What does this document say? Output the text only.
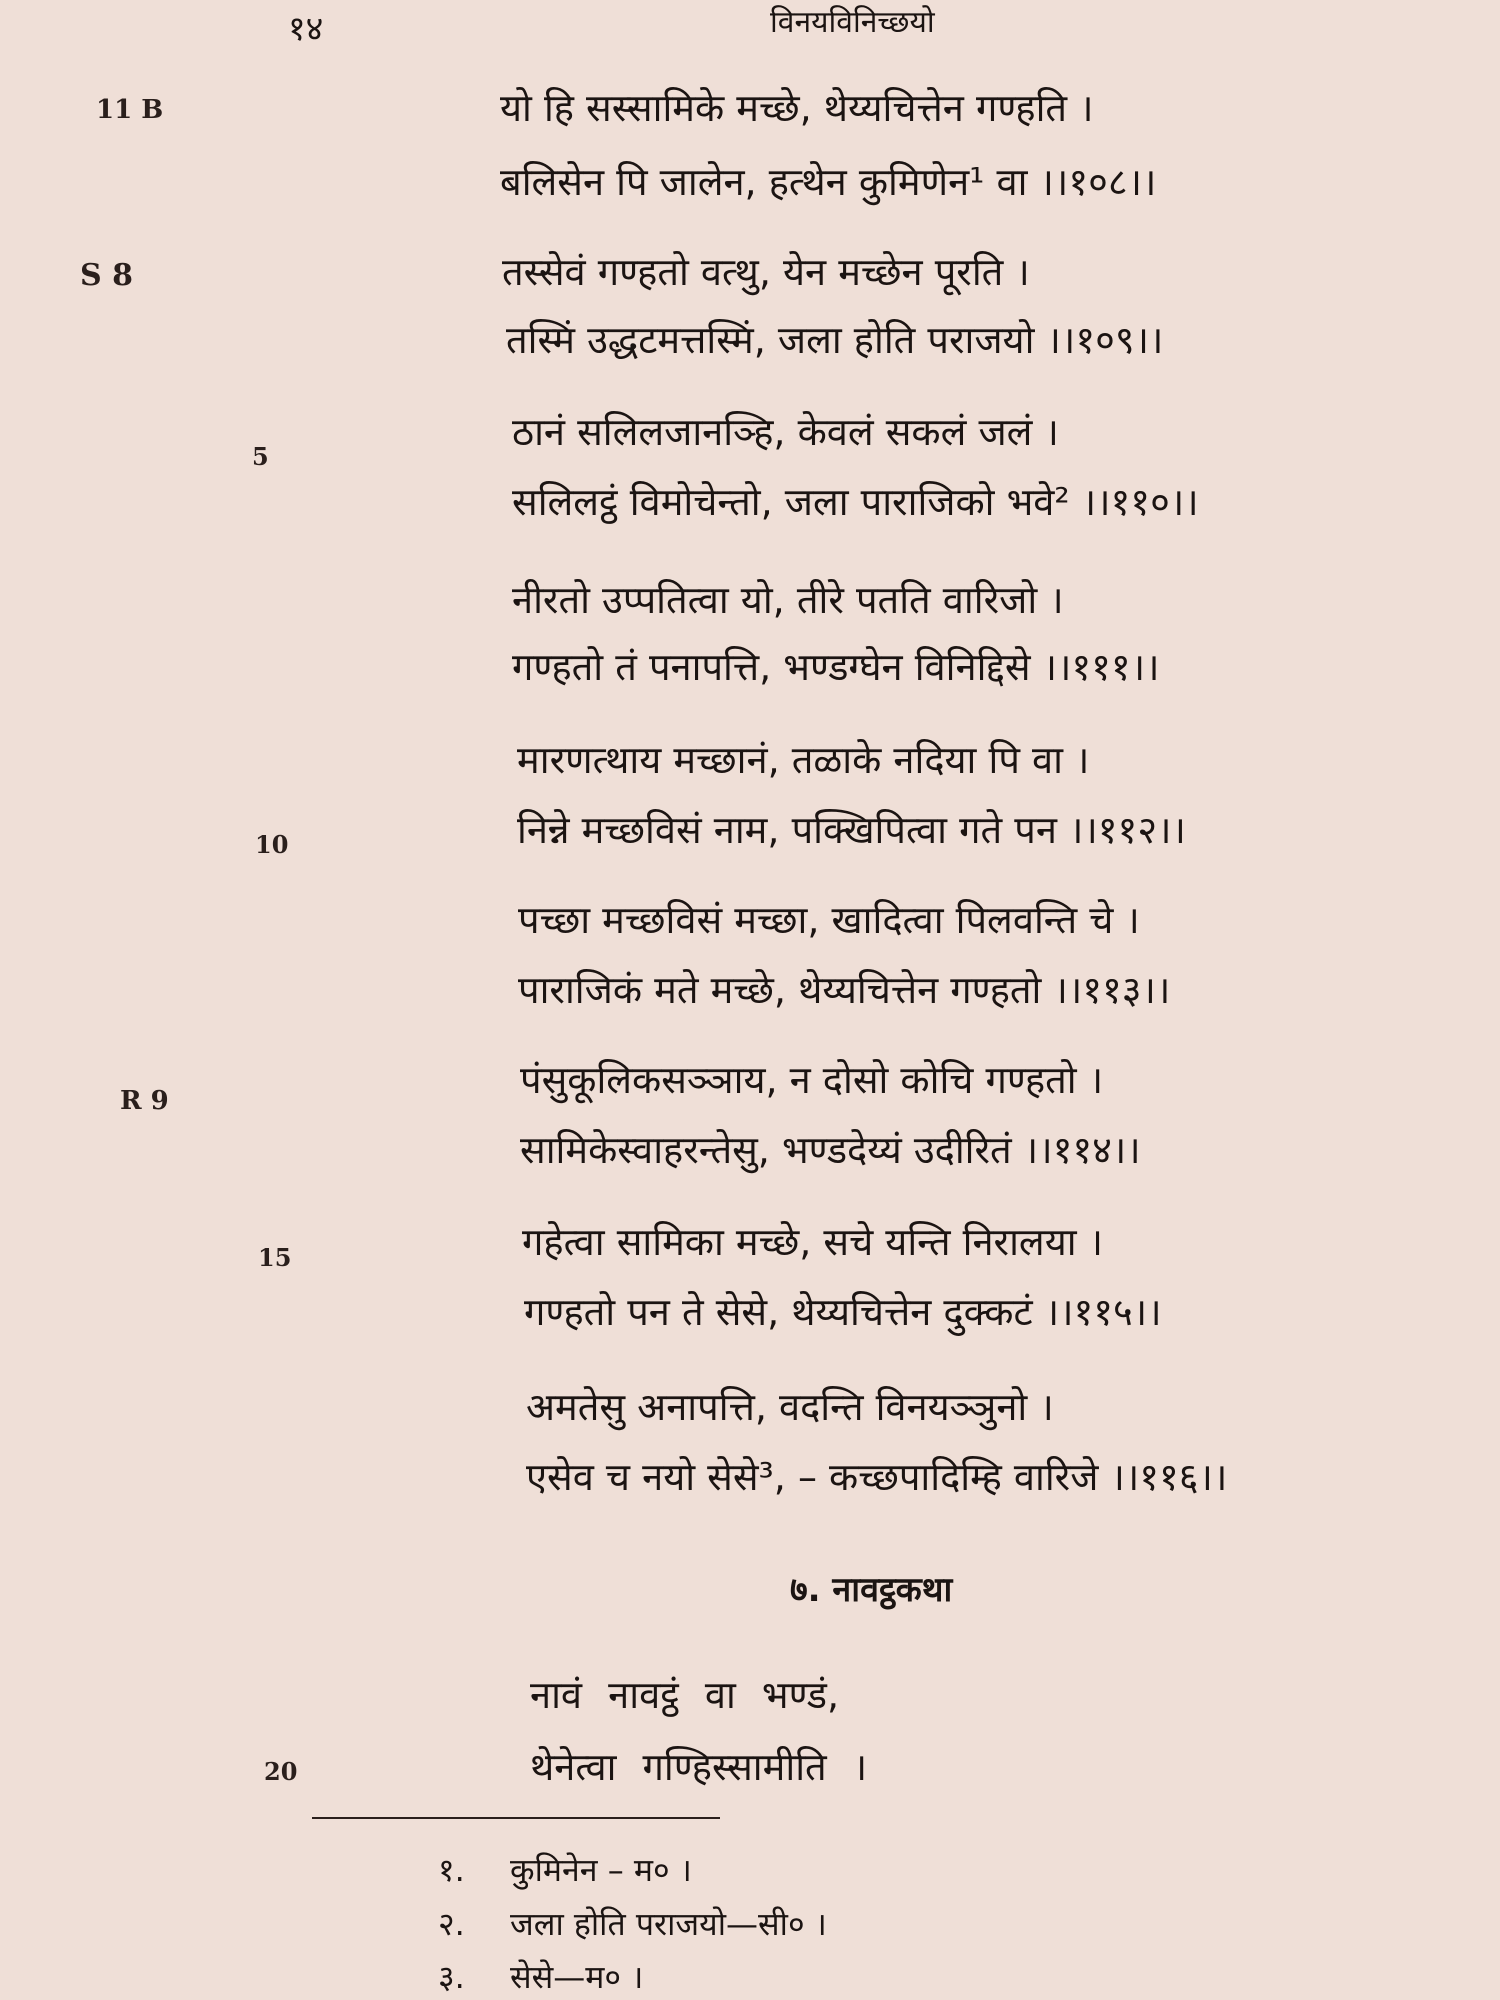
१४	विनयविनिच्छयो
11 B
S 8
R 9
5
10
15
20
यो हि सस्सामिके मच्छे, थेय्यचित्तेन गण्हति ।
बलिसेन पि जालेन, हत्थेन कुमिणेन¹ वा ।।१०८।।
तस्सेवं गण्हतो वत्थु, येन मच्छेन पूरति ।
तस्मिं उद्धटमत्तस्मिं, जला होति पराजयो ।।१०९।।
ठानं सलिलजानञ्हि, केवलं सकलं जलं ।
सलिलट्ठं विमोचेन्तो, जला पाराजिको भवे² ।।११०।।
नीरतो उप्पतित्वा यो, तीरे पतति वारिजो ।
गण्हतो तं पनापत्ति, भण्डग्घेन विनिद्दिसे ।।१११।।
मारणत्थाय मच्छानं, तळाके नदिया पि वा ।
निन्ने मच्छविसं नाम, पक्खिपित्वा गते पन ।।११२।।
पच्छा मच्छविसं मच्छा, खादित्वा पिलवन्ति चे ।
पाराजिकं मते मच्छे, थेय्यचित्तेन गण्हतो ।।११३।।
पंसुकूलिकसञ्ञाय, न दोसो कोचि गण्हतो ।
सामिकेस्वाहरन्तेसु, भण्डदेय्यं उदीरितं ।।११४।।
गहेत्वा सामिका मच्छे, सचे यन्ति निरालया ।
गण्हतो पन ते सेसे, थेय्यचित्तेन दुक्कटं ।।११५।।
अमतेसु अनापत्ति, वदन्ति विनयञ्ञुनो ।
एसेव च नयो सेसे³, – कच्छपादिम्हि वारिजे ।।११६।।
७. नावट्ठकथा
नावं नावट्ठं वा भण्डं,
थेनेत्वा गण्हिस्सामीति ।
१. कुमिनेन – म० ।
२. जला होति पराजयो—सी० ।
३. सेसे—म० ।
